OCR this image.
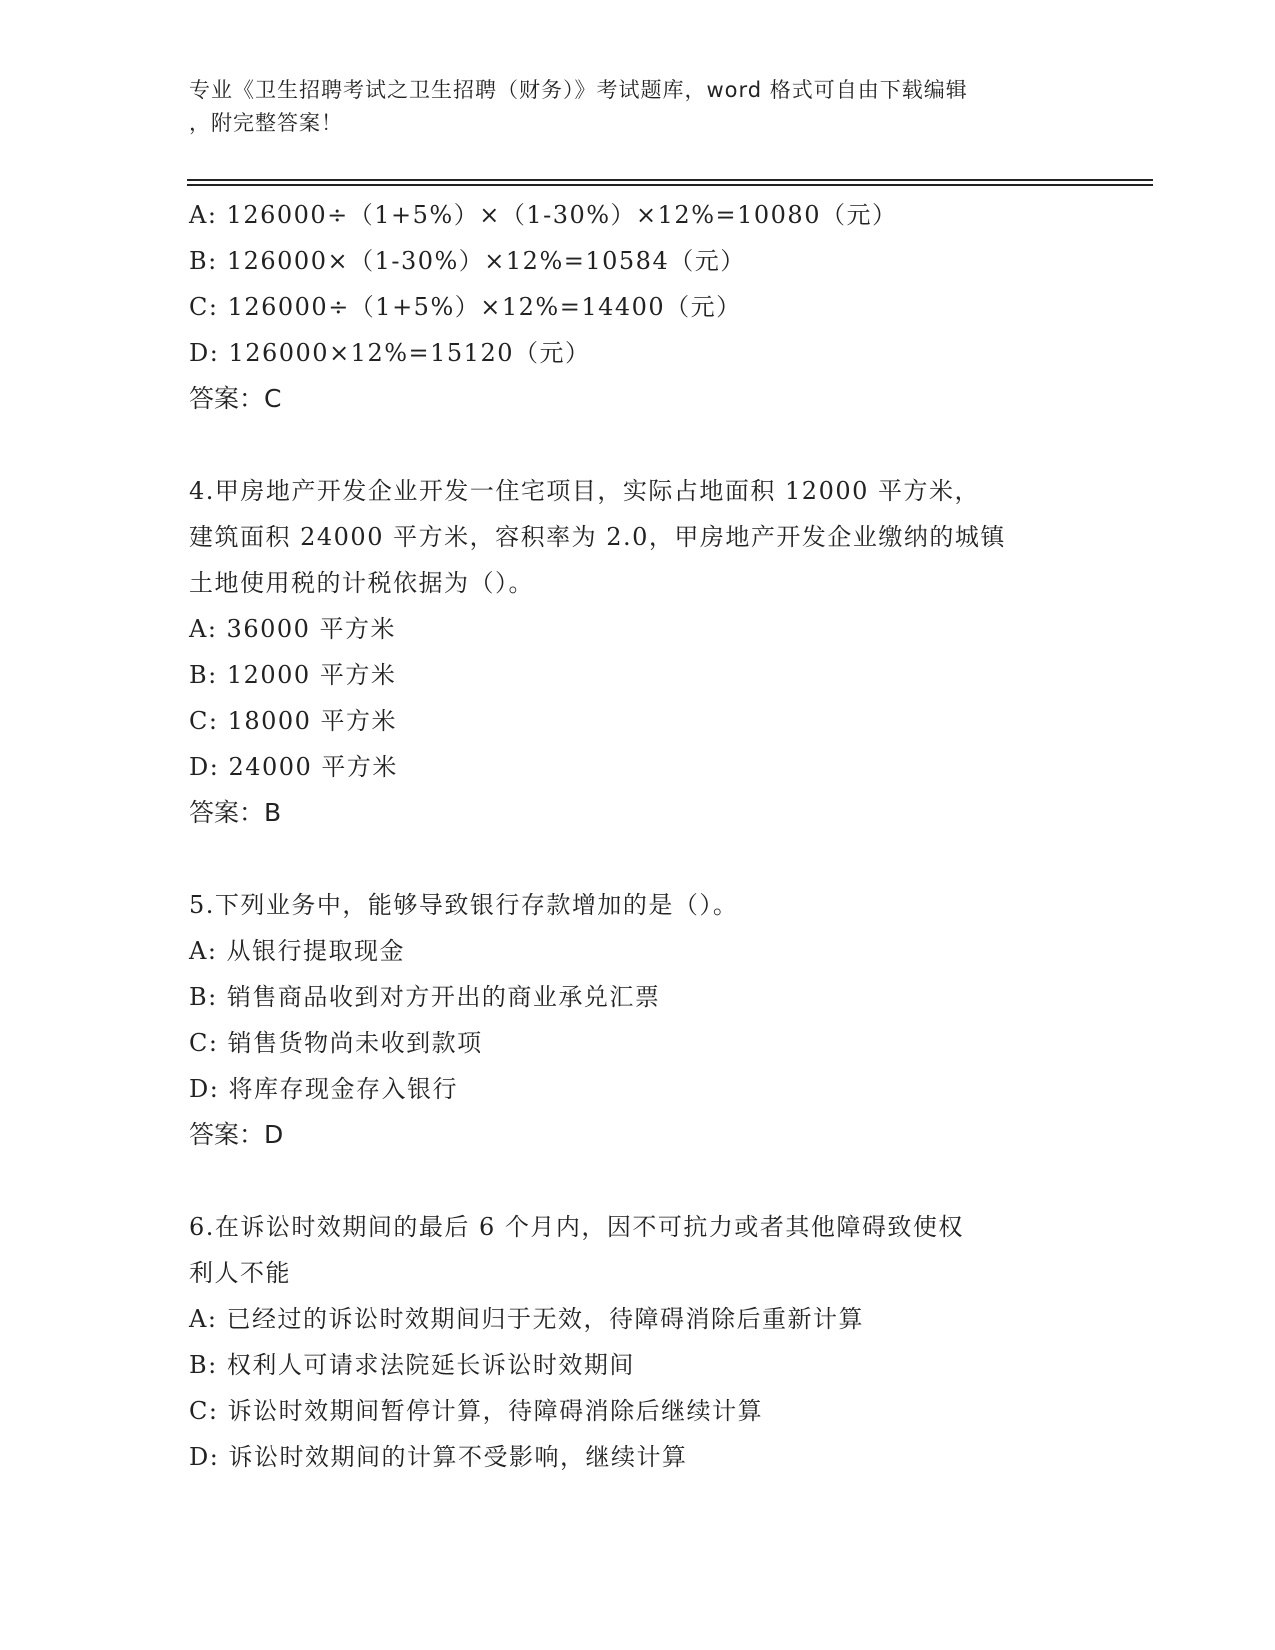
专业《卫生招聘考试之卫生招聘（财务）》考试题库，word 格式可自由下载编辑
，附完整答案！
A: 126000÷（1+5%）×（1-30%）×12%=10080（元）
B: 126000×（1-30%）×12%=10584（元）
C: 126000÷（1+5%）×12%=14400（元）
D: 126000×12%=15120（元）
答案：C
4.甲房地产开发企业开发一住宅项目，实际占地面积 12000 平方米，
建筑面积 24000 平方米，容积率为 2.0，甲房地产开发企业缴纳的城镇
土地使用税的计税依据为（）。
A: 36000 平方米
B: 12000 平方米
C: 18000 平方米
D: 24000 平方米
答案：B
5.下列业务中，能够导致银行存款增加的是（）。
A: 从银行提取现金
B: 销售商品收到对方开出的商业承兑汇票
C: 销售货物尚未收到款项
D: 将库存现金存入银行
答案：D
6.在诉讼时效期间的最后 6 个月内，因不可抗力或者其他障碍致使权
利人不能
A: 已经过的诉讼时效期间归于无效，待障碍消除后重新计算
B: 权利人可请求法院延长诉讼时效期间
C: 诉讼时效期间暂停计算，待障碍消除后继续计算
D: 诉讼时效期间的计算不受影响，继续计算
